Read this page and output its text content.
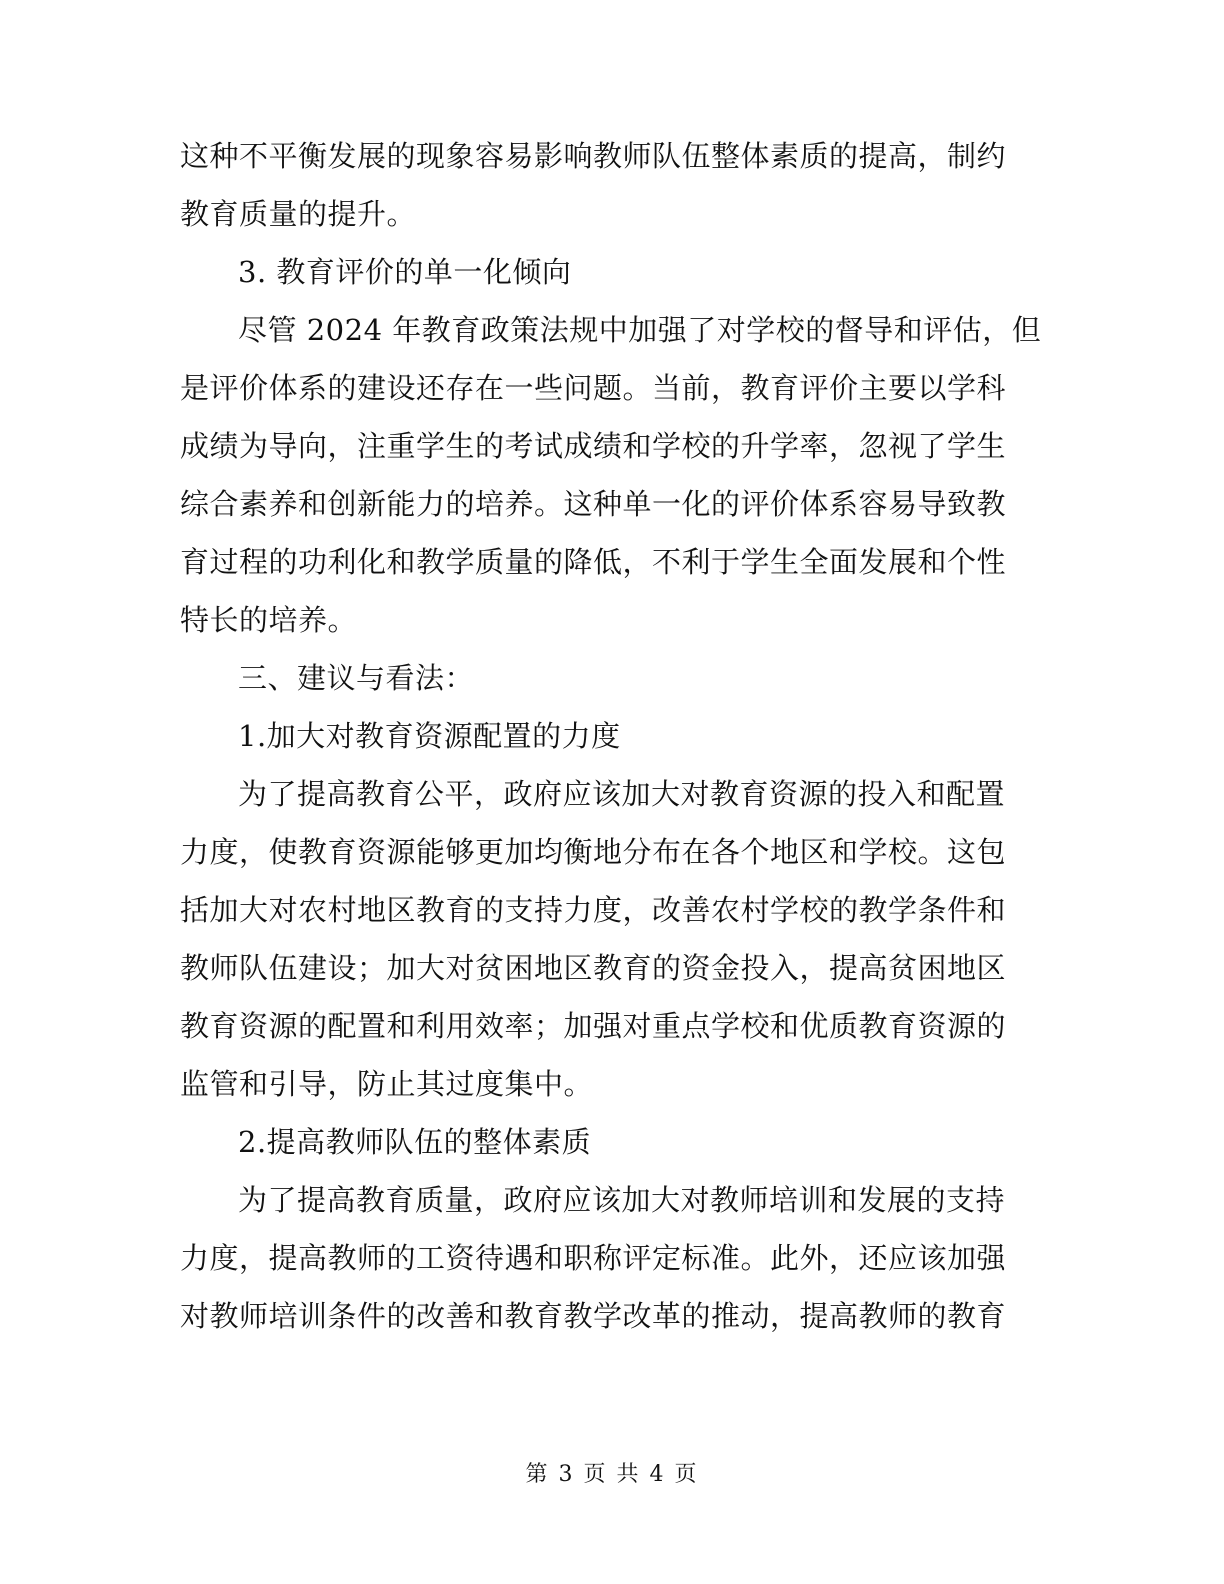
这种不平衡发展的现象容易影响教师队伍整体素质的提高，制约
教育质量的提升。
3. 教育评价的单一化倾向
尽管 2024 年教育政策法规中加强了对学校的督导和评估，但
是评价体系的建设还存在一些问题。当前，教育评价主要以学科
成绩为导向，注重学生的考试成绩和学校的升学率，忽视了学生
综合素养和创新能力的培养。这种单一化的评价体系容易导致教
育过程的功利化和教学质量的降低，不利于学生全面发展和个性
特长的培养。
三、建议与看法：
1.加大对教育资源配置的力度
为了提高教育公平，政府应该加大对教育资源的投入和配置
力度，使教育资源能够更加均衡地分布在各个地区和学校。这包
括加大对农村地区教育的支持力度，改善农村学校的教学条件和
教师队伍建设；加大对贫困地区教育的资金投入，提高贫困地区
教育资源的配置和利用效率；加强对重点学校和优质教育资源的
监管和引导，防止其过度集中。
2.提高教师队伍的整体素质
为了提高教育质量，政府应该加大对教师培训和发展的支持
力度，提高教师的工资待遇和职称评定标准。此外，还应该加强
对教师培训条件的改善和教育教学改革的推动，提高教师的教育
第 3 页 共 4 页
